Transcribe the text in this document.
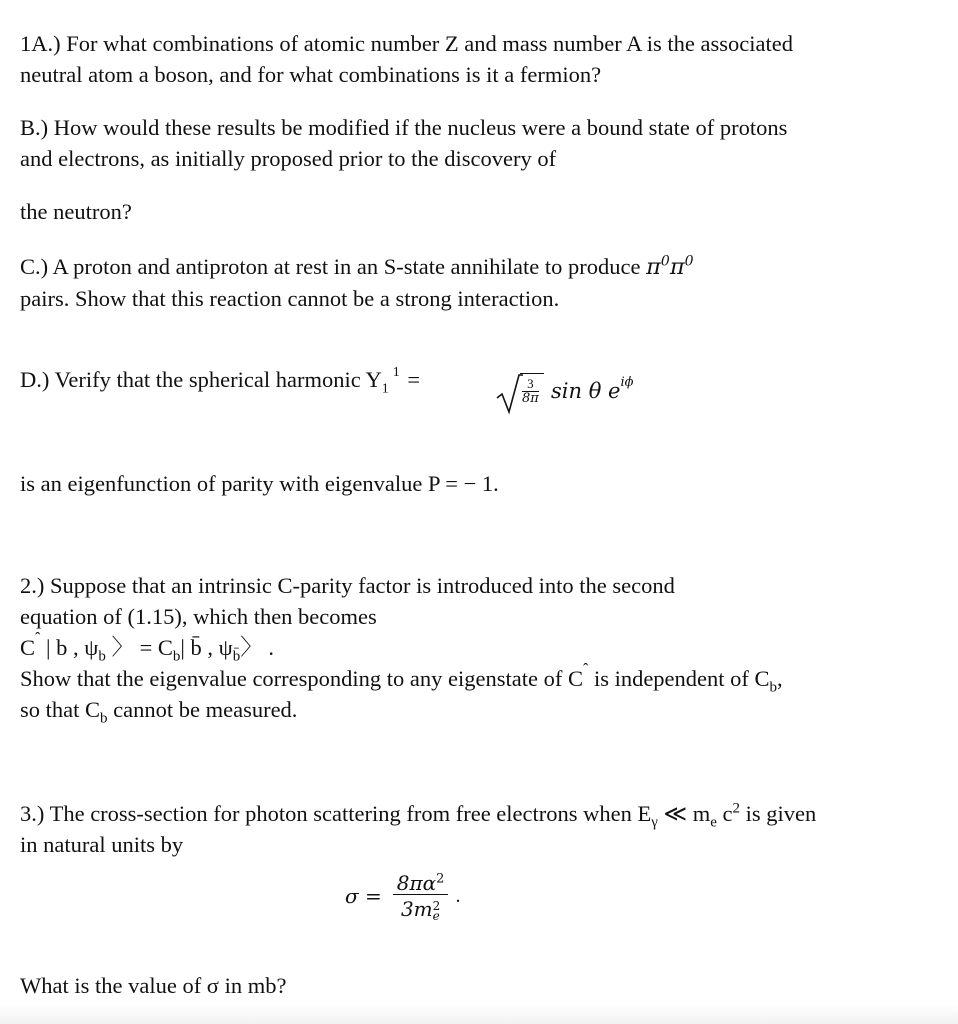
1A.) For what combinations of atomic number Z and mass number A is the associated
neutral atom a boson, and for what combinations is it a fermion?
B.) How would these results be modified if the nucleus were a bound state of protons
and electrons, as initially proposed prior to the discovery of
the neutron?
C.) A proton and antiproton at rest in an S-state annihilate to produce $\pi^0\pi^0$
pairs. Show that this reaction cannot be a strong interaction.
D.) Verify that the spherical harmonic $Y_1^1$ =	$\frac{3}{8\pi}$ sin θ $e^{i\phi}$
is an eigenfunction of parity with eigenvalue P = − 1.
2.) Suppose that an intrinsic C-parity factor is introduced into the second
equation of (1.15), which then becomes
$C^ˆ$ | b , $\psi_b$ 〉 = $C_b|$ b̄ , $\psi_{b̄}$〉 .
Show that the eigenvalue corresponding to any eigenstate of $C^ˆ$ is independent of $C_b$,
so that $C_b$ cannot be measured.
3.) The cross-section for photon scattering from free electrons when $E_\gamma$ ≪ $m_e$ $c^2$ is given
in natural units by
$\sigma = 8\pi\alpha^2$
3m 2
e .
What is the value of σ in mb?
